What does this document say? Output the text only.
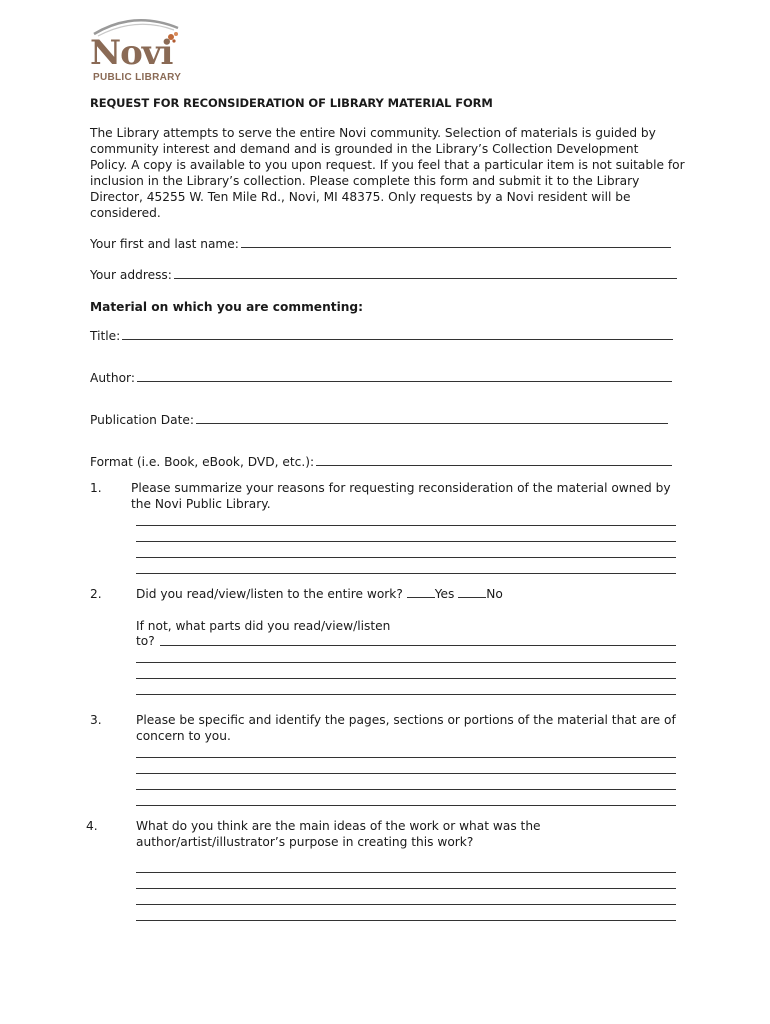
Novi
PUBLIC LIBRARY
REQUEST FOR RECONSIDERATION OF LIBRARY MATERIAL FORM
The Library attempts to serve the entire Novi community. Selection of materials is guided by
community interest and demand and is grounded in the Library’s Collection Development
Policy. A copy is available to you upon request. If you feel that a particular item is not suitable for
inclusion in the Library’s collection. Please complete this form and submit it to the Library
Director, 45255 W. Ten Mile Rd., Novi, MI 48375. Only requests by a Novi resident will be
considered.
Your first and last name:
Your address:
Material on which you are commenting:
Title:
Author:
Publication Date:
Format (i.e. Book, eBook, DVD, etc.):
1. Please summarize your reasons for requesting reconsideration of the material owned by
the Novi Public Library.
2.	Did you read/view/listen to the entire work?	Yes	No
If not, what parts did you read/view/listen
to?
3.	Please be specific and identify the pages, sections or portions of the material that are of
concern to you.
4.	What do you think are the main ideas of the work or what was the
author/artist/illustrator’s purpose in creating this work?
